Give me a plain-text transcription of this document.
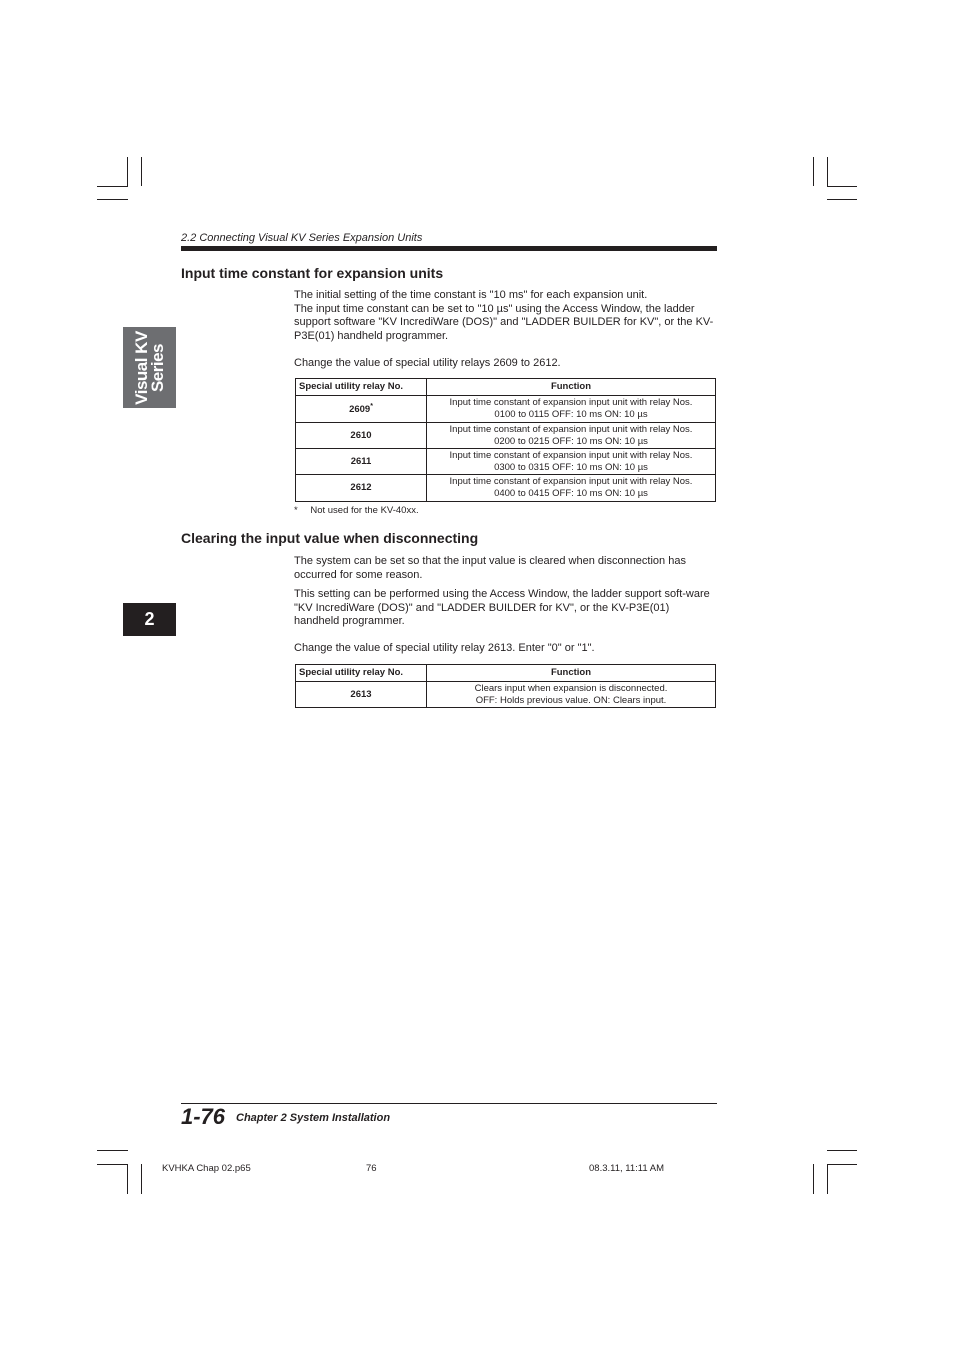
2.2 Connecting Visual KV Series Expansion Units
Visual KV
Series
2
Input time constant for expansion units

The initial setting of the time constant is "10 ms" for each expansion unit.

The input time constant can be set to "10 µs" using the Access Window, the ladder support software "KV IncrediWare (DOS)" and "LADDER BUILDER for KV", or the KV-P3E(01) handheld programmer.

Change the value of special utility relays 2609 to 2612.
Special utility relay No.	Function
2609*	Input time constant of expansion input unit with relay Nos.
0100 to 0115 OFF: 10 ms ON: 10 µs

2610	Input time constant of expansion input unit with relay Nos.
0200 to 0215 OFF: 10 ms ON: 10 µs

2611	Input time constant of expansion input unit with relay Nos.
0300 to 0315 OFF: 10 ms ON: 10 µs

2612	Input time constant of expansion input unit with relay Nos.
0400 to 0415 OFF: 10 ms ON: 10 µs
* Not used for the KV-40xx.
Clearing the input value when disconnecting
The system can be set so that the input value is cleared when disconnection has occurred for some reason.
This setting can be performed using the Access Window, the ladder support soft-ware "KV IncrediWare (DOS)" and "LADDER BUILDER for KV", or the KV-P3E(01) handheld programmer.
Change the value of special utility relay 2613. Enter "0" or "1".
Special utility relay No.	Function
2613	Clears input when expansion is disconnected.
OFF: Holds previous value. ON: Clears input.
1-76 Chapter 2 System Installation
KVHKA Chap 02.p65	76	08.3.11, 11:11 AM
